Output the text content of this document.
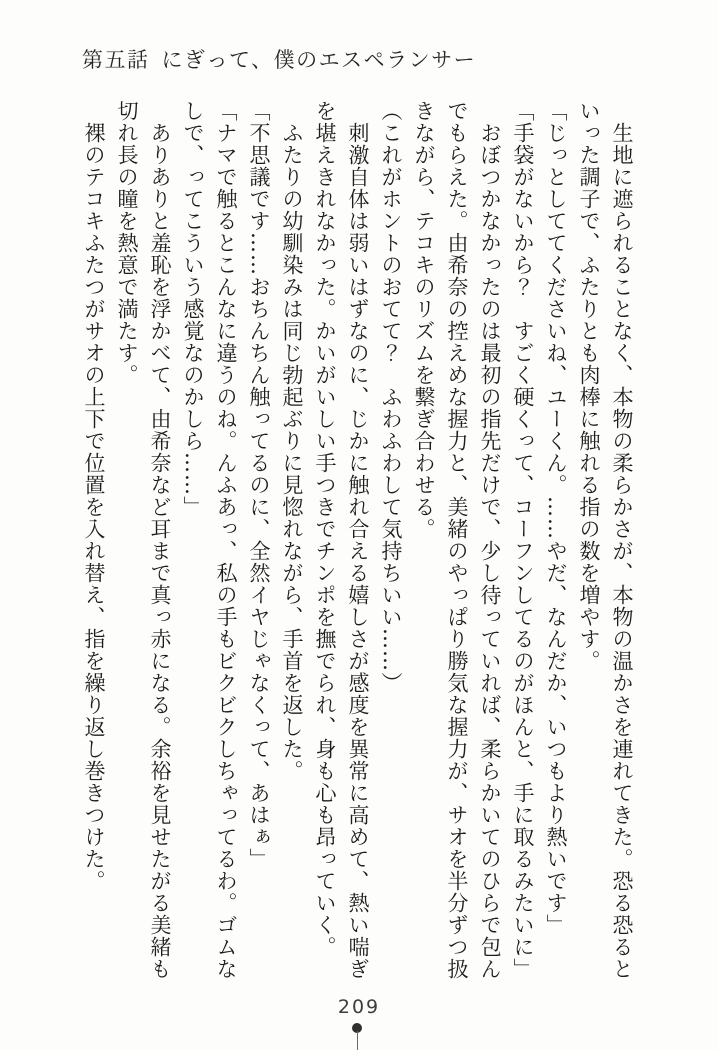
第五話 にぎって、僕のエスペランサー

　生地に遮られることなく、本物の柔らかさが、本物の温かさを連れてきた。恐る恐ると

いった調子で、ふたりとも肉棒に触れる指の数を増やす。

「じっとしててくださいね、ユーくん。……やだ、なんだか、いつもより熱いです」

「手袋がないから？　すごく硬くって、コーフンしてるのがほんと、手に取るみたいに」

　おぼつかなかったのは最初の指先だけで、少し待っていれば、柔らかいてのひらで包ん

でもらえた。由希奈の控えめな握力と、美緒のやっぱり勝気な握力が、サオを半分ずつ扱

きながら、テコキのリズムを繋ぎ合わせる。

（これがホントのおてて？　ふわふわして気持ちいい……）

　刺激自体は弱いはずなのに、じかに触れ合える嬉しさが感度を異常に高めて、熱い喘ぎ

を堪えきれなかった。かいがいしい手つきでチンポを撫でられ、身も心も昂っていく。

　ふたりの幼馴染みは同じ勃起ぶりに見惚れながら、手首を返した。

「不思議です……おちんちん触ってるのに、全然イヤじゃなくって、あはぁ」

「ナマで触るとこんなに違うのね。んふあっ、私の手もビクビクしちゃってるわ。ゴムな

しで、ってこういう感覚なのかしら……」

　ありありと羞恥を浮かべて、由希奈など耳まで真っ赤になる。余裕を見せたがる美緒も

切れ長の瞳を熱意で満たす。

　裸のテコキふたつがサオの上下で位置を入れ替え、指を繰り返し巻きつけた。

209
